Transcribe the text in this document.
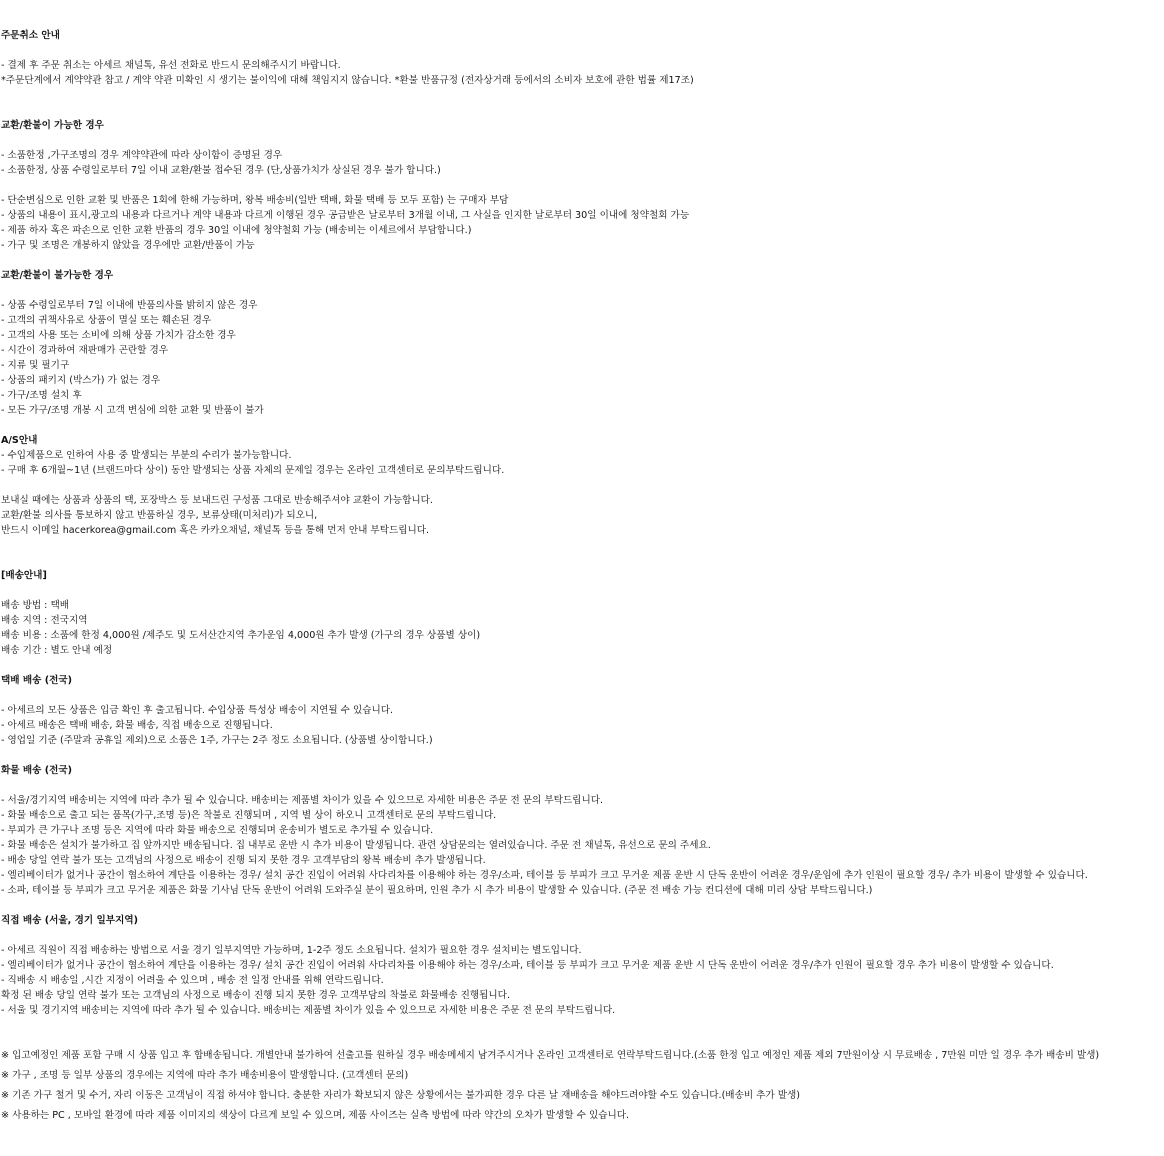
주문취소 안내
- 결제 후 주문 취소는 아세르 채널톡, 유선 전화로 반드시 문의해주시기 바랍니다.
*주문단계에서 계약약관 참고 / 계약 약관 미확인 시 생기는 불이익에 대해 책임지지 않습니다. *환불 반품규정 (전자상거래 등에서의 소비자 보호에 관한 법률 제17조)
교환/환불이 가능한 경우
- 소품한정 ,가구조명의 경우 계약약관에 따라 상이함이 증명된 경우
- 소품한정, 상품 수령일로부터 7일 이내 교환/환불 접수된 경우 (단,상품가치가 상실된 경우 불가 합니다.)
- 단순변심으로 인한 교환 및 반품은 1회에 한해 가능하며, 왕복 배송비(일반 택배, 화물 택배 등 모두 포함) 는 구매자 부담
- 상품의 내용이 표시,광고의 내용과 다르거나 계약 내용과 다르게 이행된 경우 공급받은 날로부터 3개월 이내, 그 사실을 인지한 날로부터 30일 이내에 청약철회 가능
- 제품 하자 혹은 파손으로 인한 교환 반품의 경우 30일 이내에 청약철회 가능 (배송비는 이세르에서 부담합니다.)
- 가구 및 조명은 개봉하지 않았을 경우에만 교환/반품이 가능
교환/환불이 불가능한 경우
- 상품 수령일로부터 7일 이내에 반품의사를 밝히지 않은 경우
- 고객의 귀책사유로 상품이 멸실 또는 훼손된 경우
- 고객의 사용 또는 소비에 의해 상품 가치가 감소한 경우
- 시간이 경과하여 재판매가 곤란할 경우
- 지류 및 필기구
- 상품의 패키지 (박스가) 가 없는 경우
- 가구/조명 설치 후
- 모든 가구/조명 개봉 시 고객 변심에 의한 교환 및 반품이 불가
A/S안내
- 수입제품으로 인하여 사용 중 발생되는 부분의 수리가 불가능합니다.
- 구매 후 6개월~1년 (브랜드마다 상이) 동안 발생되는 상품 자체의 문제일 경우는 온라인 고객센터로 문의부탁드립니다.
보내실 때에는 상품과 상품의 택, 포장박스 등 보내드린 구성품 그대로 반송해주셔야 교환이 가능합니다.
교환/환불 의사를 통보하지 않고 반품하실 경우, 보류상태(미처리)가 되오니,
반드시 이메일 hacerkorea@gmail.com 혹은 카카오채널, 채널톡 등을 통해 먼저 안내 부탁드립니다.
[배송안내]
배송 방법 : 택배
배송 지역 : 전국지역
배송 비용 : 소품에 한정 4,000원 /제주도 및 도서산간지역 추가운임 4,000원 추가 발생 (가구의 경우 상품별 상이)
배송 기간 : 별도 안내 예정
택배 배송 (전국)
- 아세르의 모든 상품은 입금 확인 후 출고됩니다. 수입상품 특성상 배송이 지연될 수 있습니다.
- 아세르 배송은 택배 배송, 화물 배송, 직접 배송으로 진행됩니다.
- 영업일 기준 (주말과 공휴일 제외)으로 소품은 1주, 가구는 2주 정도 소요됩니다. (상품별 상이합니다.)
화물 배송 (전국)
- 서울/경기지역 배송비는 지역에 따라 추가 될 수 있습니다. 배송비는 제품별 차이가 있을 수 있으므로 자세한 비용은 주문 전 문의 부탁드립니다.
- 화물 배송으로 출고 되는 품목(가구,조명 등)은 착불로 진행되며 , 지역 별 상이 하오니 고객센터로 문의 부탁드립니다.
- 부피가 큰 가구나 조명 등은 지역에 따라 화물 배송으로 진행되며 운송비가 별도로 추가될 수 있습니다.
- 화물 배송은 설치가 불가하고 집 앞까지만 배송됩니다. 집 내부로 운반 시 추가 비용이 발생됩니다. 관련 상담문의는 열려있습니다. 주문 전 채널톡, 유선으로 문의 주세요.
- 배송 당일 연락 불가 또는 고객님의 사정으로 배송이 진행 되지 못한 경우 고객부담의 왕복 배송비 추가 발생됩니다.
- 엘리베이터가 없거나 공간이 협소하여 계단을 이용하는 경우/ 설치 공간 진입이 어려워 사다리차를 이용해야 하는 경우/소파, 테이블 등 부피가 크고 무거운 제품 운반 시 단독 운반이 어려운 경우/운임에 추가 인원이 필요할 경우/ 추가 비용이 발생할 수 있습니다.
- 소파, 테이블 등 부피가 크고 무거운 제품은 화물 기사님 단독 운반이 어려워 도와주실 분이 필요하며, 인원 추가 시 추가 비용이 발생할 수 있습니다. (주문 전 배송 가능 컨디션에 대해 미리 상담 부탁드립니다.)
직접 배송 (서울, 경기 일부지역)
- 아세르 직원이 직접 배송하는 방법으로 서울 경기 일부지역만 가능하며, 1-2주 정도 소요됩니다. 설치가 필요한 경우 설치비는 별도입니다.
- 엘리베이터가 없거나 공간이 협소하여 계단을 이용하는 경우/ 설치 공간 진입이 어려워 사다리차를 이용해야 하는 경우/소파, 테이블 등 부피가 크고 무거운 제품 운반 시 단독 운반이 어려운 경우/추가 인원이 필요할 경우 추가 비용이 발생할 수 있습니다.
- 직배송 시 배송일 ,시간 지정이 어려울 수 있으며 , 배송 전 일정 안내를 위해 연락드립니다.
확정 된 배송 당일 연락 불가 또는 고객님의 사정으로 배송이 진행 되지 못한 경우 고객부담의 착불로 화물배송 진행됩니다.
- 서울 및 경기지역 배송비는 지역에 따라 추가 될 수 있습니다. 배송비는 제품별 차이가 있을 수 있으므로 자세한 비용은 주문 전 문의 부탁드립니다.
※ 입고예정인 제품 포함 구매 시 상품 입고 후 합배송됩니다. 개별안내 불가하여 선출고를 원하실 경우 배송메세지 남겨주시거나 온라인 고객센터로 연락부탁드립니다.(소품 한정 입고 예정인 제품 제외 7만원이상 시 무료배송 , 7만원 미만 일 경우 추가 배송비 발생)
※ 가구 , 조명 등 일부 상품의 경우에는 지역에 따라 추가 배송비용이 발생합니다. (고객센터 문의)
※ 기존 가구 철거 및 수거, 자리 이동은 고객님이 직접 하셔야 합니다. 충분한 자리가 확보되지 않은 상황에서는 불가피한 경우 다른 날 재배송을 해야드려야할 수도 있습니다.(배송비 추가 발생)
※ 사용하는 PC , 모바일 환경에 따라 제품 이미지의 색상이 다르게 보일 수 있으며, 제품 사이즈는 실측 방법에 따라 약간의 오차가 발생할 수 있습니다.
